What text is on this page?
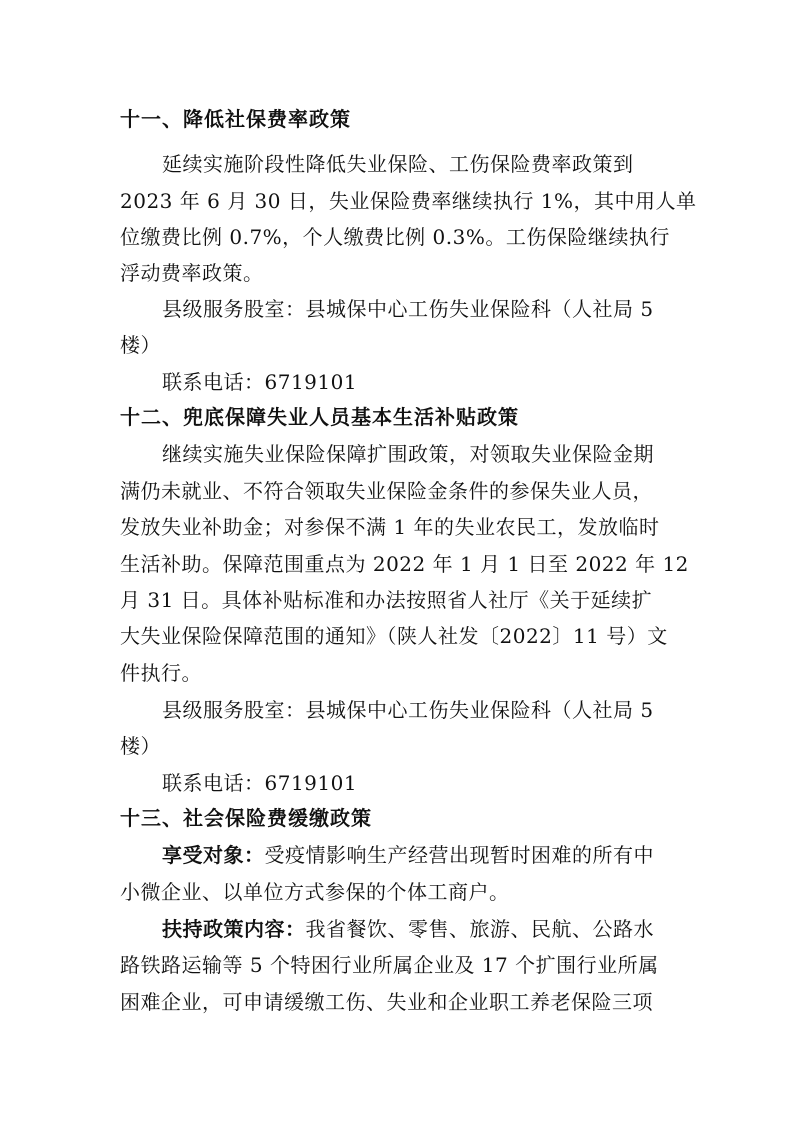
十一、降低社保费率政策
延续实施阶段性降低失业保险、工伤保险费率政策到
2023 年 6 月 30 日，失业保险费率继续执行 1%，其中用人单
位缴费比例 0.7%，个人缴费比例 0.3%。工伤保险继续执行
浮动费率政策。
县级服务股室：县城保中心工伤失业保险科（人社局 5
楼）
联系电话：6719101
十二、兜底保障失业人员基本生活补贴政策
继续实施失业保险保障扩围政策，对领取失业保险金期
满仍未就业、不符合领取失业保险金条件的参保失业人员，
发放失业补助金；对参保不满 1 年的失业农民工，发放临时
生活补助。保障范围重点为 2022 年 1 月 1 日至 2022 年 12
月 31 日。具体补贴标准和办法按照省人社厅《关于延续扩
大失业保险保障范围的通知》（陕人社发〔2022〕11 号）文
件执行。
县级服务股室：县城保中心工伤失业保险科（人社局 5
楼）
联系电话：6719101
十三、社会保险费缓缴政策
享受对象：受疫情影响生产经营出现暂时困难的所有中
小微企业、以单位方式参保的个体工商户。
扶持政策内容：我省餐饮、零售、旅游、民航、公路水
路铁路运输等 5 个特困行业所属企业及 17 个扩围行业所属
困难企业，可申请缓缴工伤、失业和企业职工养老保险三项
